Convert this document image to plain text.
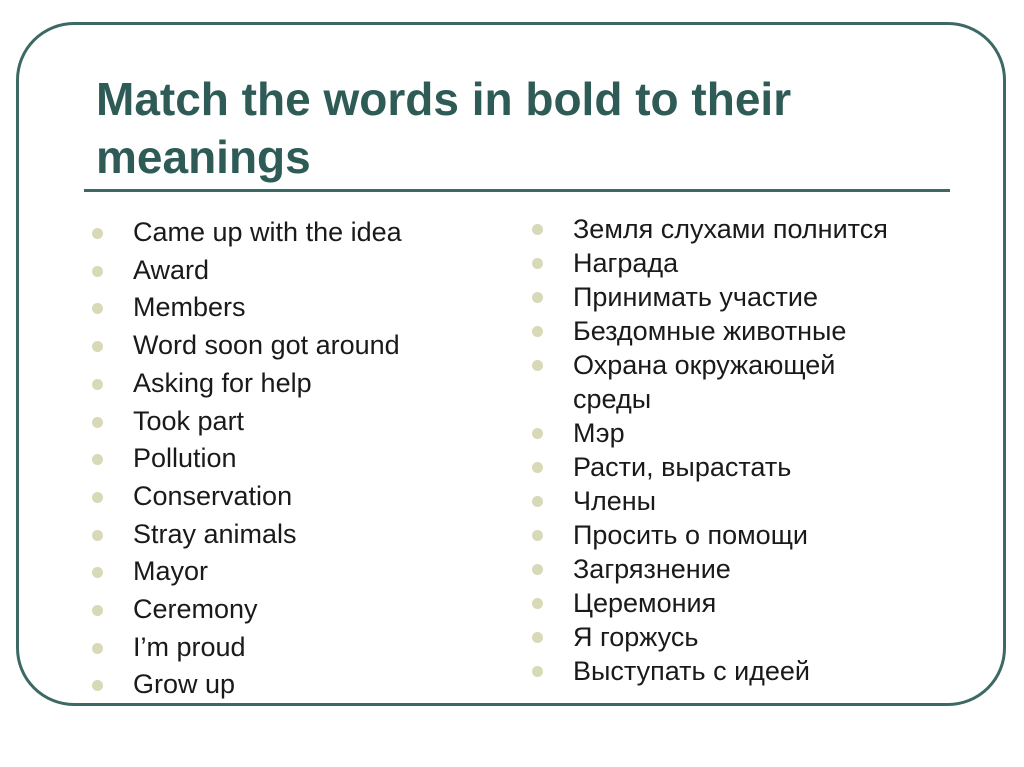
Match the words in bold to their meanings
Came up with the idea
Award
Members
Word soon got around
Asking for help
Took part
Pollution
Conservation
Stray animals
Mayor
Ceremony
I’m proud
Grow up
Земля слухами полнится
Награда
Принимать участие
Бездомные животные
Охрана окружающей среды
Мэр
Расти, вырастать
Члены
Просить о помощи
Загрязнение
Церемония
Я горжусь
Выступать с идеей
